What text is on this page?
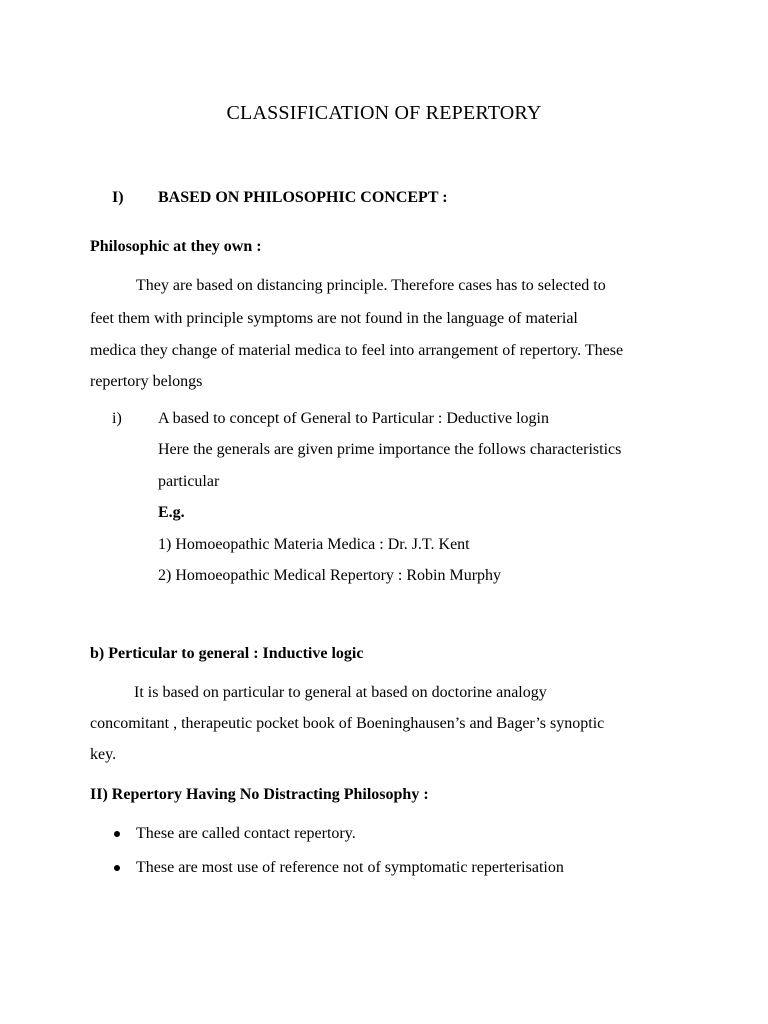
CLASSIFICATION OF REPERTORY
I) BASED ON PHILOSOPHIC CONCEPT :
Philosophic at they own :
They are based on distancing principle. Therefore cases has to selected to
feet them with principle symptoms are not found in the language of material
medica they change of material medica to feel into arrangement of repertory. These
repertory belongs
i) A based to concept of General to Particular : Deductive login
Here the generals are given prime importance the follows characteristics
particular
E.g.
1) Homoeopathic Materia Medica : Dr. J.T. Kent
2) Homoeopathic Medical Repertory : Robin Murphy
b) Perticular to general : Inductive logic
It is based on particular to general at based on doctorine analogy
concomitant , therapeutic pocket book of Boeninghausen’s and Bager’s synoptic
key.
II) Repertory Having No Distracting Philosophy :
These are called contact repertory.
These are most use of reference not of symptomatic reperterisation
